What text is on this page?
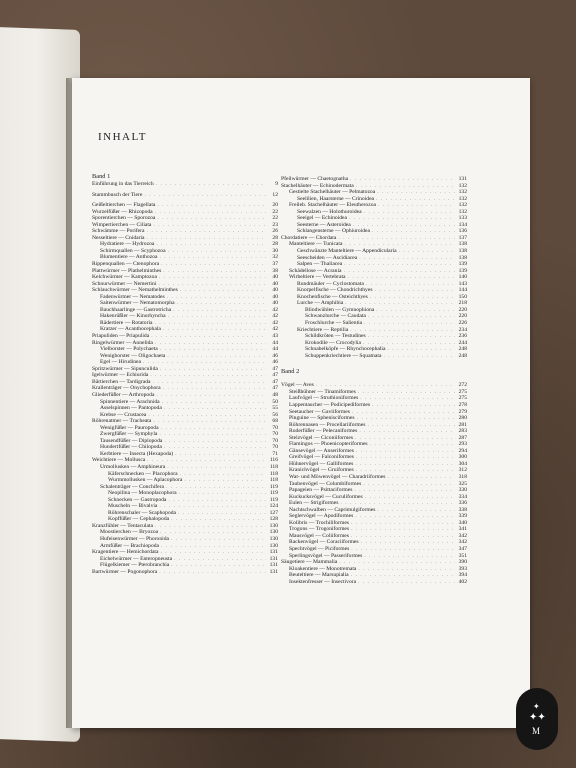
INHALT
Band 1
Einführung in das Tierreich . . .	9
Stammbusch der Tiere . . .	12
Geißeltierchen — Flagellata . . .	20
Wurzelfüßer — Rhizopoda . . .	22
Sporentierchen — Sporozoa . . .	22
Wimpertierchen — Ciliata . . .	23
Schwämme — Porifera . . .	26
Nesseltiere — Cnidaria . . .	28
Hydratiere — Hydrozoa . . .	28
Schirmquallen — Scyphozoa . . .	30
Blumentiere — Anthozoa . . .	32
Rippenquallen — Ctenophora . . .	37
Plattwürmer — Plathelminthes . . .	38
Kelchwürmer — Kamptozoa . . .	40
Schnurwürmer — Nemertini . . .	40
Schlauchwürmer — Nemathelminthes . . .	40
Fadenwürmer — Nematodes . . .	40
Saitenwürmer — Nematomorpha . . .	40
Bauchhaarlinge — Gastrotricha . . .	42
Hakenrüßler — Kinorhyncha . . .	42
Rädertiere — Rotatoria . . .	42
Kratzer — Acanthocephala . . .	42
Priapuliden — Priapulida . . .	43
Ringelwürmer — Annelida . . .	44
Vielborster — Polychaeta . . .	44
Wenigborster — Oligochaeta . . .	46
Egel — Hirudinea . . .	46
Spritzwürmer — Sipunculida . . .	47
Igelwürmer — Echiurida . . .	47
Bärtierchen — Tardigrada . . .	47
Krallenträger — Onychophora . . .	47
Gliederfüßer — Arthropoda . . .	48
Spinnentiere — Arachnida . . .	50
Asselspinnen — Pantopoda . . .	55
Krebse — Crustacea . . .	56
Röhrenatmer — Tracheata . . .	68
Wenigfüßer — Pauropoda . . .	70
Zwergfüßer — Symphyla . . .	70
Tausendfüßer — Diplopoda . . .	70
Hundertfüßer — Chilopoda . . .	70
Kerbtiere — Insecta (Hexapoda) . . .	71
Weichtiere — Mollusca . . .	116
Urmollusken — Amphineura . . .	118
Käferschnecken — Placophora . . .	118
Wurmmollusken — Aplacophora . . .	118
Schalenträger — Conchifera . . .	119
Neopilina — Monoplacophora . . .	119
Schnecken — Gastropoda . . .	119
Muscheln — Bivalvia . . .	124
Röhrenschaler — Scaphopoda . . .	127
Kopffüßer — Cephalopoda . . .	128
Kranzfühler — Tentaculata . . .	130
Moostierchen — Bryozoa . . .	130
Hufeisenwürmer — Phoronida . . .	130
Armfüßer — Brachiopoda . . .	130
Kragentiere — Hemichordata . . .	131
Eichelwürmer — Enteropneusta . . .	131
Flügelkiemer — Pterobranchia . . .	131
Bartwürmer — Pogonophora . . .	131
Pfeilwürmer — Chaetognatha . . .	131
Stachelhäuter — Echinodermata . . .	132
Gestielte Stachelhäuter — Pelmatozoa . . .	132
Seelilien, Haarsterne — Crinoidea . . .	132
Freileb. Stachelhäuter — Eleutherozoa . . .	132
Seewalzen — Holothuroidea . . .	132
Seeigel — Echinoidea . . .	133
Seesterne — Asteroidea . . .	134
Schlangensterne — Ophiuroidea . . .	136
Chordatiere — Chordata . . .	137
Manteltiere — Tunicata . . .	138
Geschwänzte Manteltiere — Appendicularia . . .	138
Seescheiden — Ascidiacea . . .	138
Salpen — Thaliacea . . .	139
Schädellose — Acrania . . .	139
Wirbeltiere — Vertebrata . . .	140
Rundmäuler — Cyclostomata . . .	143
Knorpelfische — Chondrichthyes . . .	144
Knochenfische — Osteichthyes . . .	150
Lurche — Amphibia . . .	218
Blindwühlen — Gymnophiona . . .	220
Schwanzlurche — Caudata . . .	220
Froschlurche — Salientia . . .	226
Kriechtiere — Reptilia . . .	234
Schildkröten — Testudines . . .	236
Krokodile — Crocodylia . . .	244
Schnabelköpfe — Rhynchocephalia . . .	248
Schuppenkriechtiere — Squamata . . .	248
Band 2
Vögel — Aves . . .	272
Steißhühner — Tinamiformes . . .	275
Laufvögel — Struthioniformes . . .	275
Lappentaucher — Podicipediformes . . .	278
Seetaucher — Gaviiformes . . .	279
Pinguine — Sphenisciformes . . .	280
Röhrennasen — Procellariiformes . . .	281
Ruderfüßer — Pelecaniformes . . .	283
Stelzvögel — Ciconiiformes . . .	287
Flamingos — Phoenicopteriformes . . .	293
Gänsevögel — Anseriformes . . .	294
Greifvögel — Falconiformes . . .	300
Hühnervögel — Galliformes . . .	304
Kranichvögel — Gruiformes . . .	312
Wat- und Möwenvögel — Charadriiformes . . .	318
Taubenvögel — Columbiformes . . .	325
Papageien — Psittaciformes . . .	330
Kuckucksvögel — Cuculiformes . . .	334
Eulen — Strigiformes . . .	336
Nachtschwalben — Caprimulgiformes . . .	338
Seglervögel — Apodiformes . . .	339
Kolibris — Trochiliformes . . .	340
Trogons — Trogoniformes . . .	341
Mausvögel — Coliiformes . . .	342
Rackenvögel — Coraciiformes . . .	342
Spechtvögel — Piciformes . . .	347
Sperlingsvögel — Passeriformes . . .	351
Säugetiere — Mammalia . . .	390
Kloakentiere — Monotremata . . .	393
Beuteltiere — Marsupialia . . .	394
Insektenfresser — Insectivora . . .	402
✦
✦✦
M
